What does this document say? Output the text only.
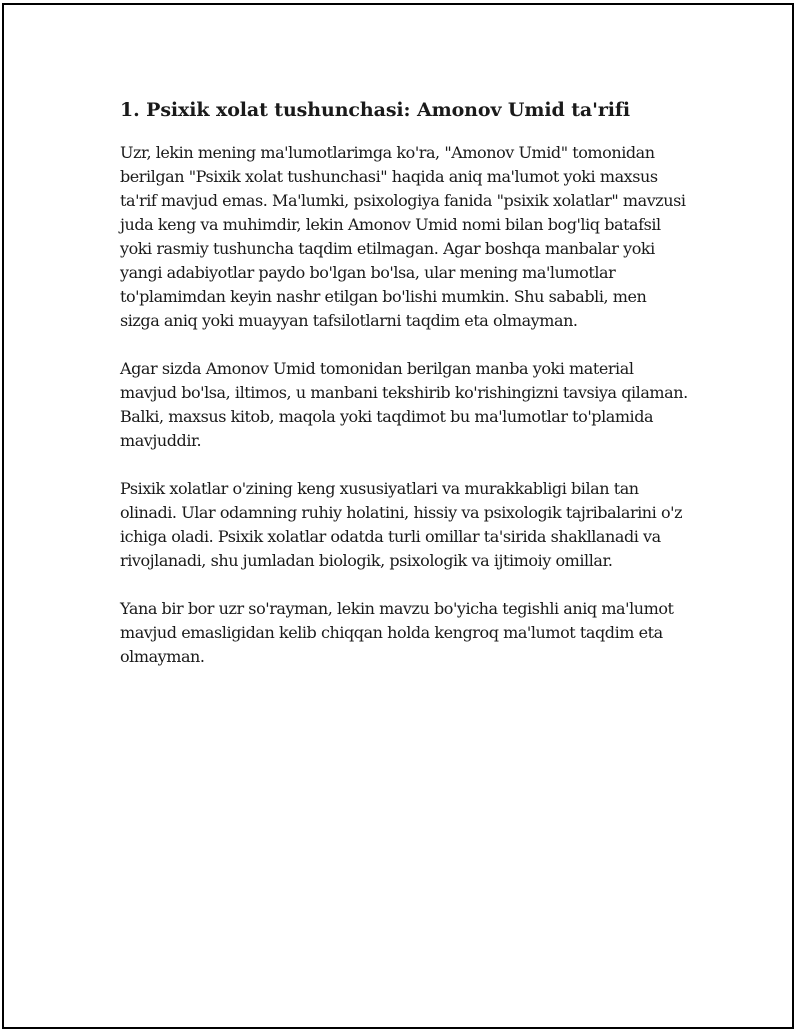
1. Psixik xolat tushunchasi: Amonov Umid ta'rifi

Uzr, lekin mening ma'lumotlarimga ko'ra, "Amonov Umid" tomonidan berilgan "Psixik xolat tushunchasi" haqida aniq ma'lumot yoki maxsus ta'rif mavjud emas. Ma'lumki, psixologiya fanida "psixik xolatlar" mavzusi juda keng va muhimdir, lekin Amonov Umid nomi bilan bog'liq batafsil yoki rasmiy tushuncha taqdim etilmagan. Agar boshqa manbalar yoki yangi adabiyotlar paydo bo'lgan bo'lsa, ular mening ma'lumotlar to'plamimdan keyin nashr etilgan bo'lishi mumkin. Shu sababli, men sizga aniq yoki muayyan tafsilotlarni taqdim eta olmayman.

Agar sizda Amonov Umid tomonidan berilgan manba yoki material mavjud bo'lsa, iltimos, u manbani tekshirib ko'rishingizni tavsiya qilaman. Balki, maxsus kitob, maqola yoki taqdimot bu ma'lumotlar to'plamida mavjuddir.

Psixik xolatlar o'zining keng xususiyatlari va murakkabligi bilan tan olinadi. Ular odamning ruhiy holatini, hissiy va psixologik tajribalarini o'z ichiga oladi. Psixik xolatlar odatda turli omillar ta'sirida shakllanadi va rivojlanadi, shu jumladan biologik, psixologik va ijtimoiy omillar.

Yana bir bor uzr so'rayman, lekin mavzu bo'yicha tegishli aniq ma'lumot mavjud emasligidan kelib chiqqan holda kengroq ma'lumot taqdim eta olmayman.
